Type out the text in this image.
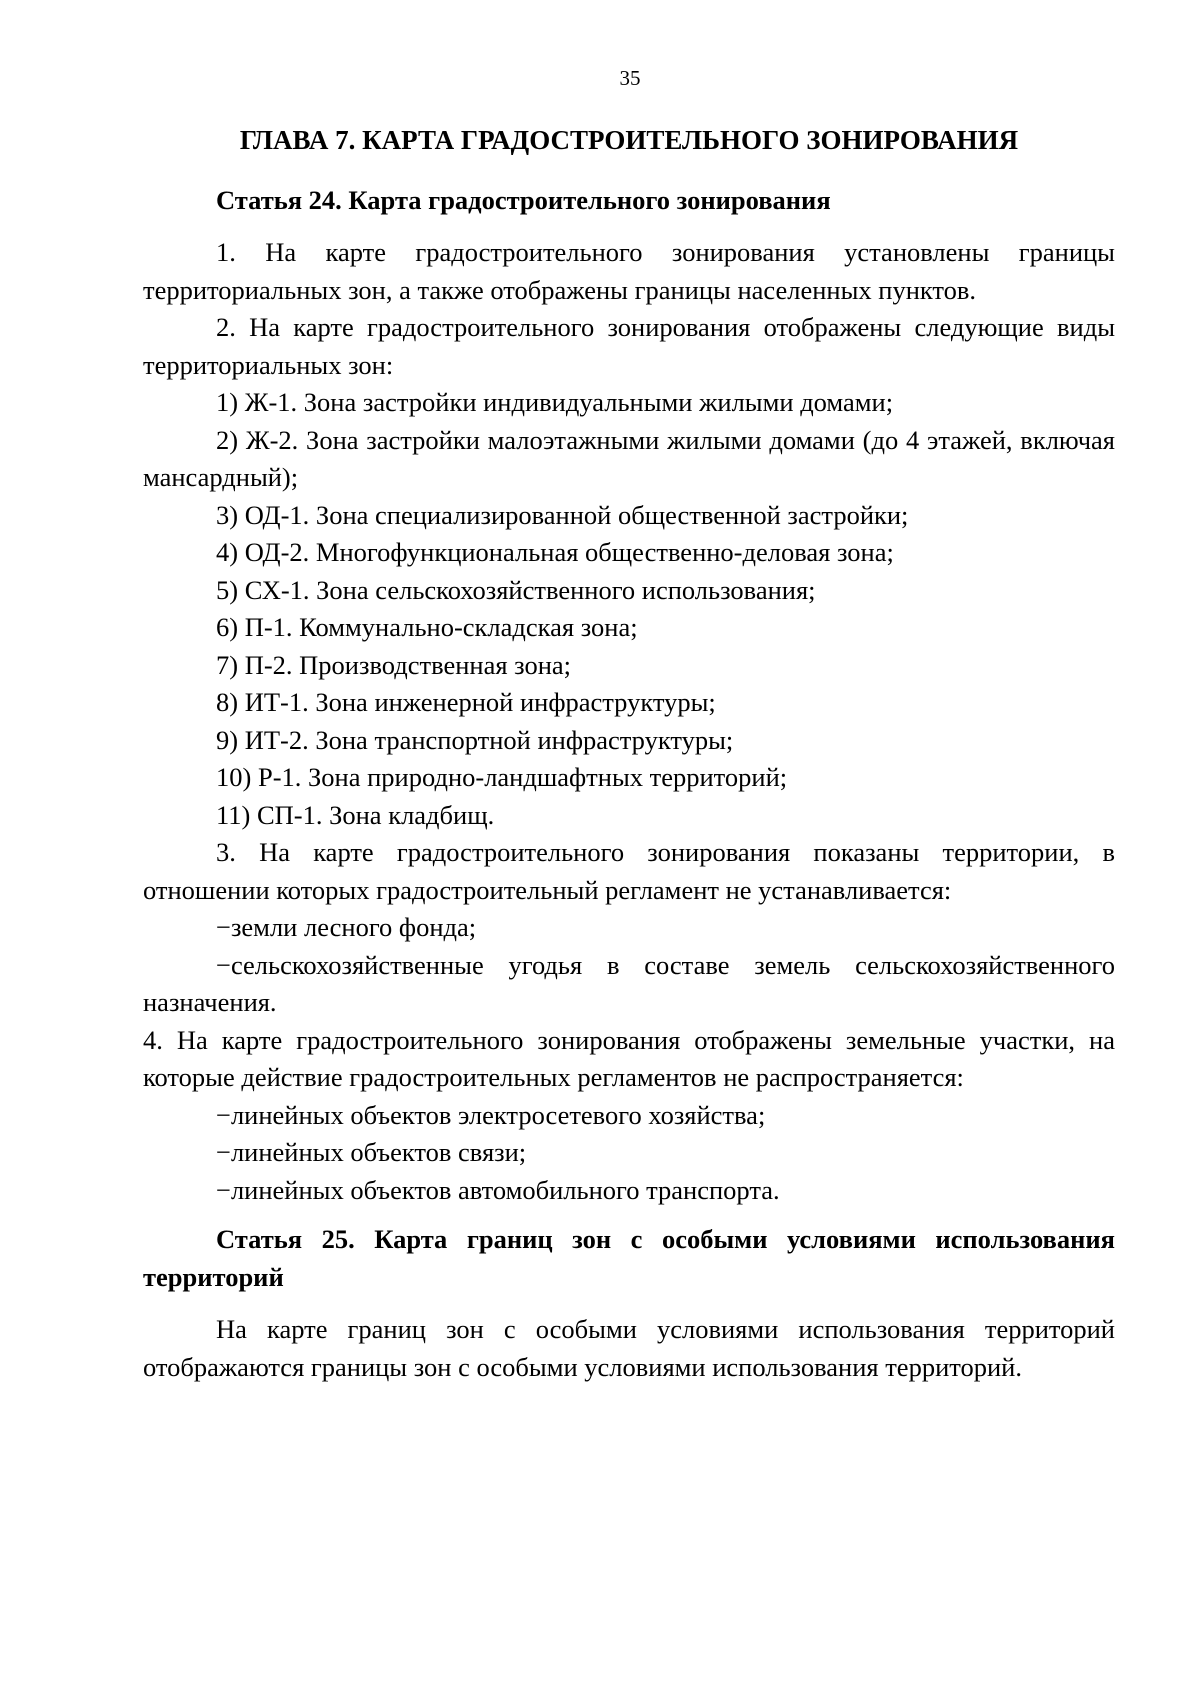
35
ГЛАВА 7. КАРТА ГРАДОСТРОИТЕЛЬНОГО ЗОНИРОВАНИЯ
Статья 24. Карта градостроительного зонирования

1. На карте градостроительного зонирования установлены границы территориальных зон, а также отображены границы населенных пунктов.

2. На карте градостроительного зонирования отображены следующие виды территориальных зон:

1) Ж-1. Зона застройки индивидуальными жилыми домами;
2) Ж-2. Зона застройки малоэтажными жилыми домами (до 4 этажей, включая мансардный);
3) ОД-1. Зона специализированной общественной застройки;
4) ОД-2. Многофункциональная общественно-деловая зона;
5) СХ-1. Зона сельскохозяйственного использования;
6) П-1. Коммунально-складская зона;
7) П-2. Производственная зона;
8) ИТ-1. Зона инженерной инфраструктуры;
9) ИТ-2. Зона транспортной инфраструктуры;
10) Р-1. Зона природно-ландшафтных территорий;
11) СП-1. Зона кладбищ.

3. На карте градостроительного зонирования показаны территории, в отношении которых градостроительный регламент не устанавливается:

−земли лесного фонда;
−сельскохозяйственные угодья в составе земель сельскохозяйственного назначения.

4. На карте градостроительного зонирования отображены земельные участки, на которые действие градостроительных регламентов не распространяется:

−линейных объектов электросетевого хозяйства;
−линейных объектов связи;
−линейных объектов автомобильного транспорта.
Статья 25. Карта границ зон с особыми условиями использования территорий

На карте границ зон с особыми условиями использования территорий отображаются границы зон с особыми условиями использования территорий.
